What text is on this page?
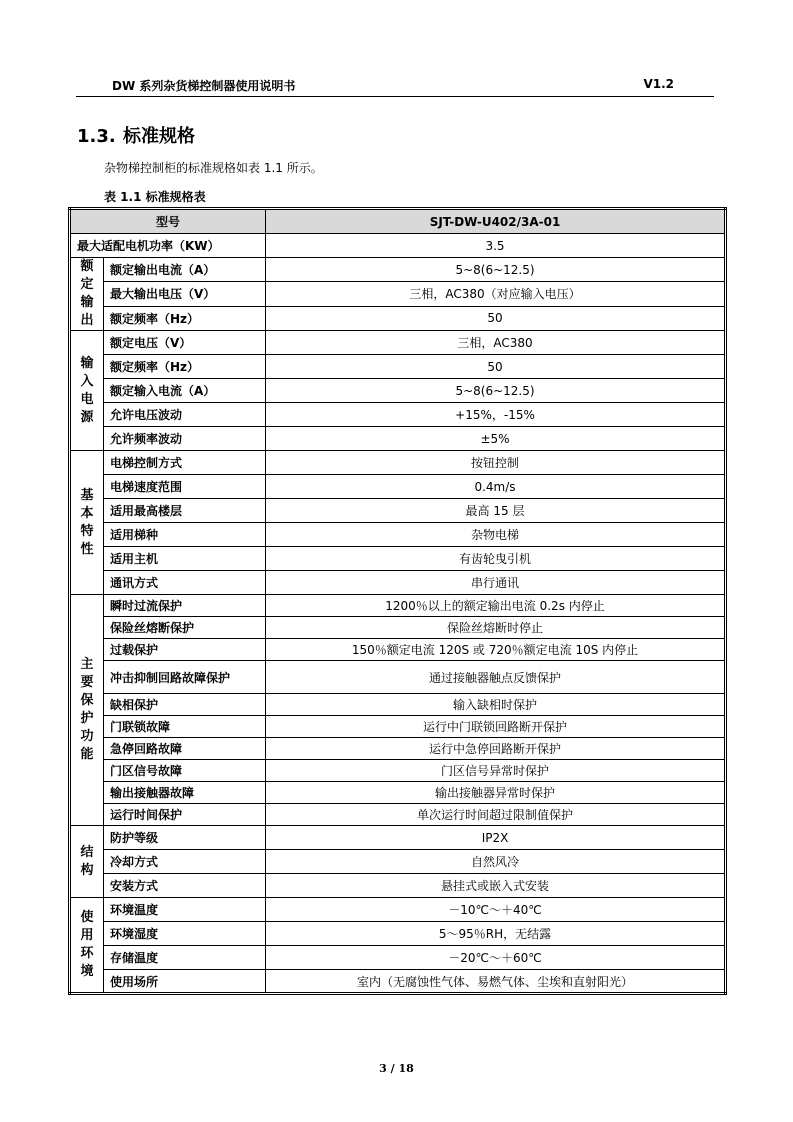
DW 系列杂货梯控制器使用说明书	V1.2
1.3. 标准规格
杂物梯控制柜的标准规格如表 1.1 所示。
表 1.1 标准规格表
型号		SJT-DW-U402/3A-01
最大适配电机功率（KW）		3.5
额定输出	额定输出电流（A）	5~8(6~12.5)
	最大输出电压（V）	三相，AC380（对应输入电压）
	额定频率（Hz）	50
输入电源	额定电压（V）	三相，AC380
	额定频率（Hz）	50
	额定输入电流（A）	5~8(6~12.5)
	允许电压波动	+15%，-15%
	允许频率波动	±5%
基本特性	电梯控制方式	按钮控制
	电梯速度范围	0.4m/s
	适用最高楼层	最高 15 层
	适用梯种	杂物电梯
	适用主机	有齿轮曳引机
	通讯方式	串行通讯
主要保护功能	瞬时过流保护	1200％以上的额定输出电流 0.2s 内停止
	保险丝熔断保护	保险丝熔断时停止
	过载保护	150％额定电流 120S 或 720％额定电流 10S 内停止
	冲击抑制回路故障保护	通过接触器触点反馈保护
	缺相保护	输入缺相时保护
	门联锁故障	运行中门联锁回路断开保护
	急停回路故障	运行中急停回路断开保护
	门区信号故障	门区信号异常时保护
	输出接触器故障	输出接触器异常时保护
	运行时间保护	单次运行时间超过限制值保护
结构	防护等级	IP2X
	冷却方式	自然风冷
	安装方式	悬挂式或嵌入式安装
使用环境	环境温度	－10℃～＋40℃
	环境湿度	5～95％RH，无结露
	存储温度	－20℃～＋60℃
	使用场所	室内（无腐蚀性气体、易燃气体、尘埃和直射阳光）
3 / 18
